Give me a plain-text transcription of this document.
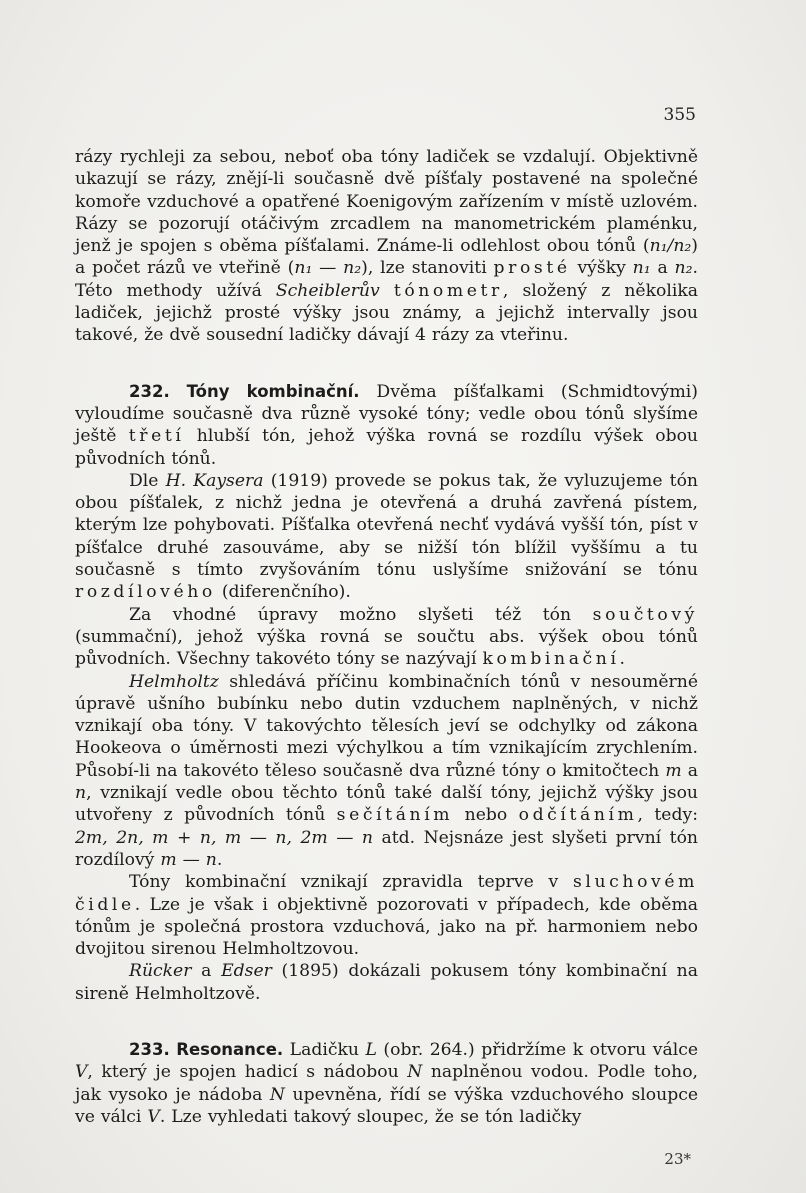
355

rázy rychleji za sebou, neboť oba tóny ladiček se vzdalují. Objektivně ukazují se rázy, znějí-li současně dvě píšťaly postavené na společné komoře vzduchové a opatřené Koenigovým zařízením v místě uzlovém. Rázy se pozorují otáčivým zrcadlem na manometrickém plaménku, jenž je spojen s oběma píšťalami. Známe-li odlehlost obou tónů (n₁/n₂) a počet rázů ve vteřině (n₁ — n₂), lze stanoviti prosté výšky n₁ a n₂. Této methody užívá Scheiblerův tónometr, složený z několika ladiček, jejichž prosté výšky jsou známy, a jejichž intervally jsou takové, že dvě sousední ladičky dávají 4 rázy za vteřinu.

232. Tóny kombinační. Dvěma píšťalkami (Schmidtovými) vyloudíme současně dva různě vysoké tóny; vedle obou tónů slyšíme ještě třetí hlubší tón, jehož výška rovná se rozdílu výšek obou původních tónů.

Dle H. Kaysera (1919) provede se pokus tak, že vyluzujeme tón obou píšťalek, z nichž jedna je otevřená a druhá zavřená pístem, kterým lze pohybovati. Píšťalka otevřená nechť vydává vyšší tón, píst v píšťalce druhé zasouváme, aby se nižší tón blížil vyššímu a tu současně s tímto zvyšováním tónu uslyšíme snižování se tónu rozdílového (diferenčního).

Za vhodné úpravy možno slyšeti též tón součtový (summační), jehož výška rovná se součtu abs. výšek obou tónů původních. Všechny takovéto tóny se nazývají kombinační.

Helmholtz shledává příčinu kombinačních tónů v nesouměrné úpravě ušního bubínku nebo dutin vzduchem naplněných, v nichž vznikají oba tóny. V takovýchto tělesích jeví se odchylky od zákona Hookeova o úměrnosti mezi výchylkou a tím vznikajícím zrychlením. Působí-li na takovéto těleso současně dva různé tóny o kmitočtech m a n, vznikají vedle obou těchto tónů také další tóny, jejichž výšky jsou utvořeny z původních tónů sečítáním nebo odčítáním, tedy: 2m, 2n, m + n, m — n, 2m — n atd. Nejsnáze jest slyšeti první tón rozdílový m — n.

Tóny kombinační vznikají zpravidla teprve v sluchovém čidle. Lze je však i objektivně pozorovati v případech, kde oběma tónům je společná prostora vzduchová, jako na př. harmoniem nebo dvojitou sirenou Helmholtzovou.

Rücker a Edser (1895) dokázali pokusem tóny kombinační na sireně Helmholtzově.

233. Resonance. Ladičku L (obr. 264.) přidržíme k otvoru válce V, který je spojen hadicí s nádobou N naplněnou vodou. Podle toho, jak vysoko je nádoba N upevněna, řídí se výška vzduchového sloupce ve válci V. Lze vyhledati takový sloupec, že se tón ladičky

23*
